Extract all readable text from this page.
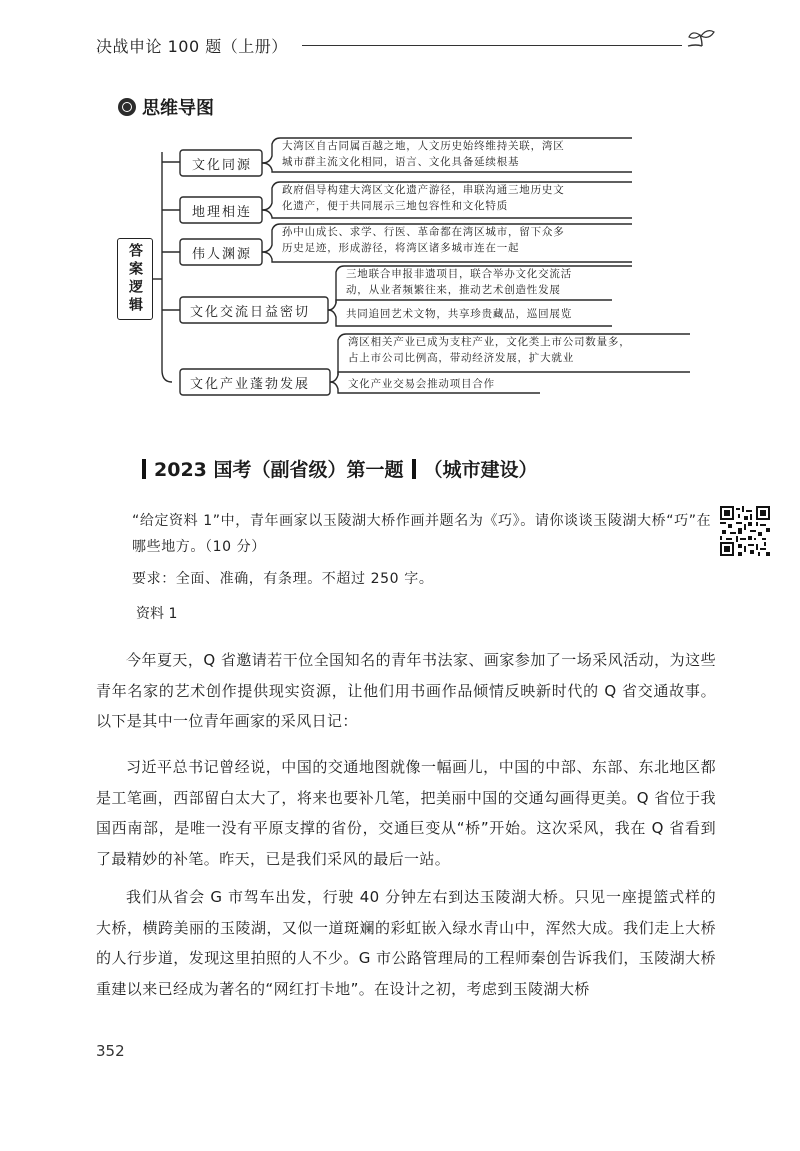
决战申论 100 题（上册）
思维导图
答案逻辑
文化同源
地理相连
伟人渊源
文化交流日益密切
文化产业蓬勃发展
大湾区自古同属百越之地，人文历史始终维持关联，湾区
城市群主流文化相同，语言、文化具备延续根基
政府倡导构建大湾区文化遗产游径，串联沟通三地历史文
化遗产，便于共同展示三地包容性和文化特质
孙中山成长、求学、行医、革命都在湾区城市，留下众多
历史足迹，形成游径，将湾区诸多城市连在一起
三地联合申报非遗项目，联合举办文化交流活
动，从业者频繁往来，推动艺术创造性发展
共同追回艺术文物，共享珍贵藏品，巡回展览
湾区相关产业已成为支柱产业，文化类上市公司数量多，
占上市公司比例高，带动经济发展，扩大就业
文化产业交易会推动项目合作
2023 国考（副省级）第一题 （城市建设）
“给定资料 1”中，青年画家以玉陵湖大桥作画并题名为《巧》。请你谈谈玉陵湖大桥“巧”在哪些地方。（10 分）
要求：全面、准确，有条理。不超过 250 字。
资料 1
今年夏天，Q 省邀请若干位全国知名的青年书法家、画家参加了一场采风活动，为这些青年名家的艺术创作提供现实资源，让他们用书画作品倾情反映新时代的 Q 省交通故事。以下是其中一位青年画家的采风日记：
习近平总书记曾经说，中国的交通地图就像一幅画儿，中国的中部、东部、东北地区都是工笔画，西部留白太大了，将来也要补几笔，把美丽中国的交通勾画得更美。Q 省位于我国西南部，是唯一没有平原支撑的省份，交通巨变从“桥”开始。这次采风，我在 Q 省看到了最精妙的补笔。昨天，已是我们采风的最后一站。
我们从省会 G 市驾车出发，行驶 40 分钟左右到达玉陵湖大桥。只见一座提篮式样的大桥，横跨美丽的玉陵湖，又似一道斑斓的彩虹嵌入绿水青山中，浑然大成。我们走上大桥的人行步道，发现这里拍照的人不少。G 市公路管理局的工程师秦创告诉我们，玉陵湖大桥重建以来已经成为著名的“网红打卡地”。在设计之初，考虑到玉陵湖大桥
352
